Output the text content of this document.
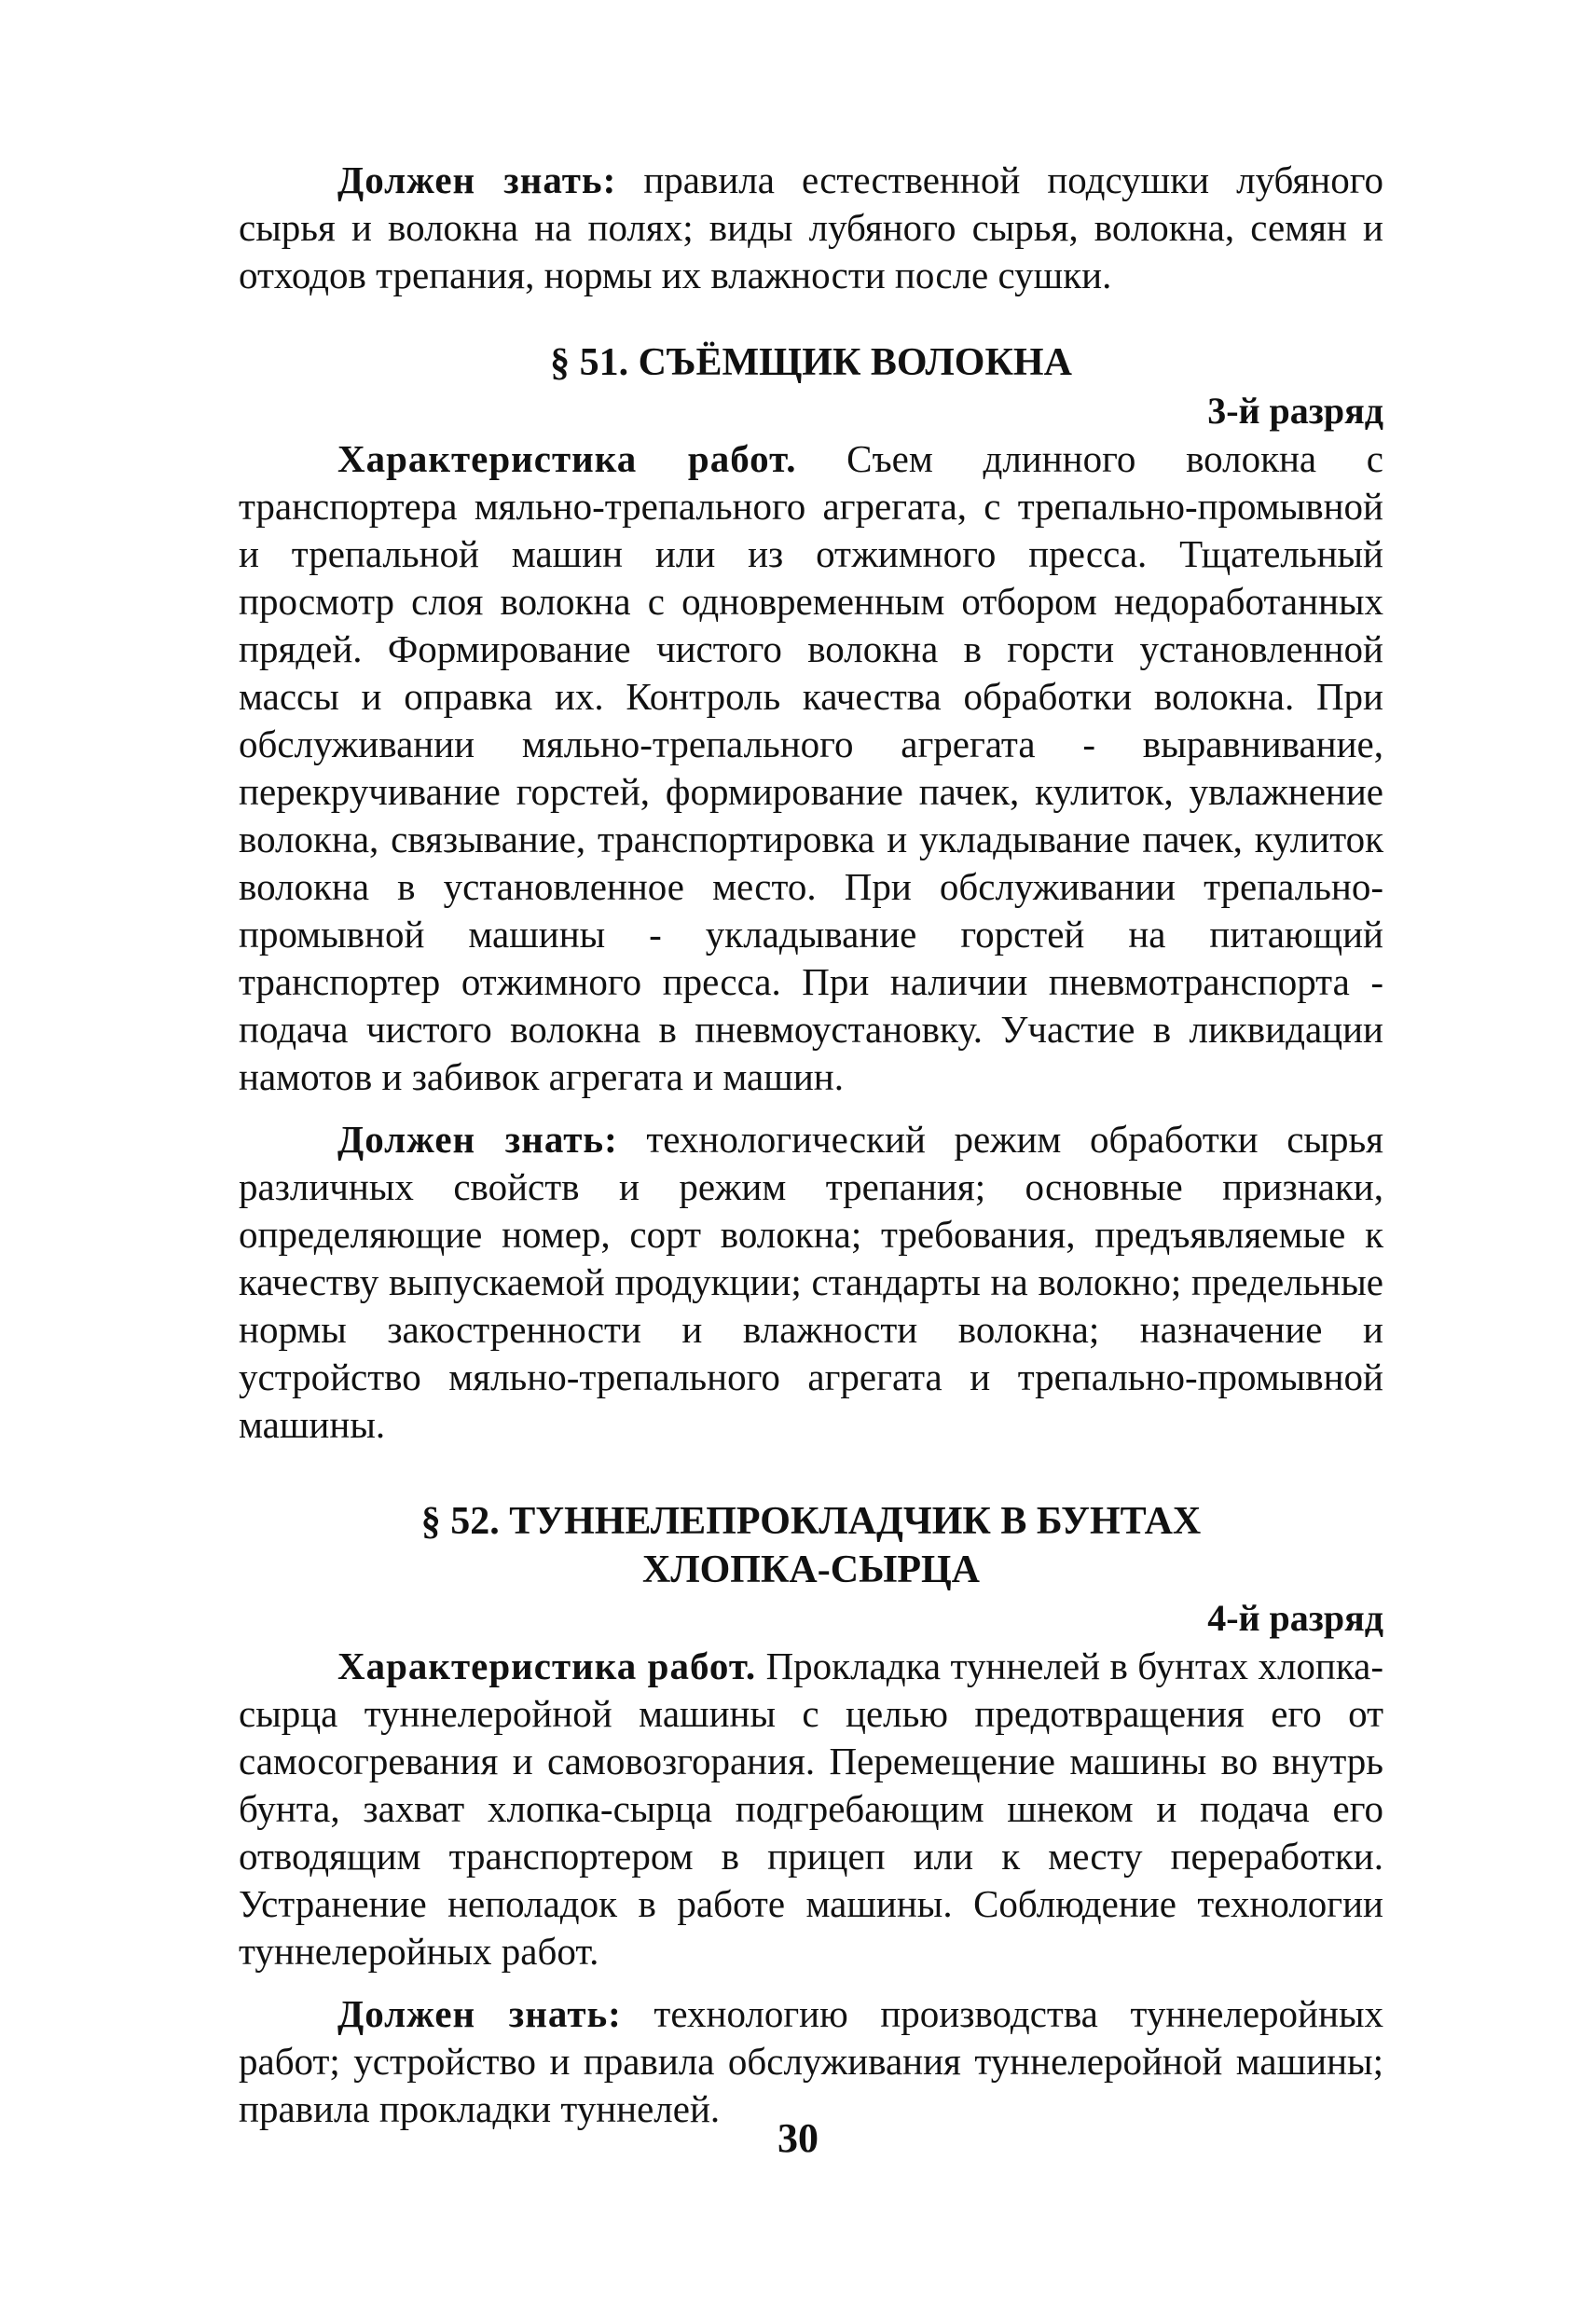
Должен знать: правила естественной подсушки лубяного сырья и волокна на полях; виды лубяного сырья, волокна, семян и отходов трепания, нормы их влажности после сушки.

§ 51. СЪЁМЩИК ВОЛОКНА

3-й разряд

Характеристика работ. Съем длинного волокна с транспортера мяльно-трепального агрегата, с трепально-промывной и трепальной машин или из отжимного пресса. Тщательный просмотр слоя волокна с одновременным отбором недоработанных прядей. Формирование чистого волокна в горсти установленной массы и оправка их. Контроль качества обработки волокна. При обслуживании мяльно-трепального агрегата - выравнивание, перекручивание горстей, формирование пачек, кулиток, увлажнение волокна, связывание, транспортировка и укладывание пачек, кулиток волокна в установленное место. При обслуживании трепально-промывной машины - укладывание горстей на питающий транспортер отжимного пресса. При наличии пневмотранспорта - подача чистого волокна в пневмоустановку. Участие в ликвидации намотов и забивок агрегата и машин.

Должен знать: технологический режим обработки сырья различных свойств и режим трепания; основные признаки, определяющие номер, сорт волокна; требования, предъявляемые к качеству выпускаемой продукции; стандарты на волокно; предельные нормы закостренности и влажности волокна; назначение и устройство мяльно-трепального агрегата и трепально-промывной машины.

§ 52. ТУННЕЛЕПРОКЛАДЧИК В БУНТАХ
ХЛОПКА-СЫРЦА

4-й разряд

Характеристика работ. Прокладка туннелей в бунтах хлопка-сырца туннелеройной машины с целью предотвращения его от самосогревания и самовозгорания. Перемещение машины во внутрь бунта, захват хлопка-сырца подгребающим шнеком и подача его отводящим транспортером в прицеп или к месту переработки. Устранение неполадок в работе машины. Соблюдение технологии туннелеройных работ.

Должен знать: технологию производства туннелеройных работ; устройство и правила обслуживания туннелеройной машины; правила прокладки туннелей.

30
